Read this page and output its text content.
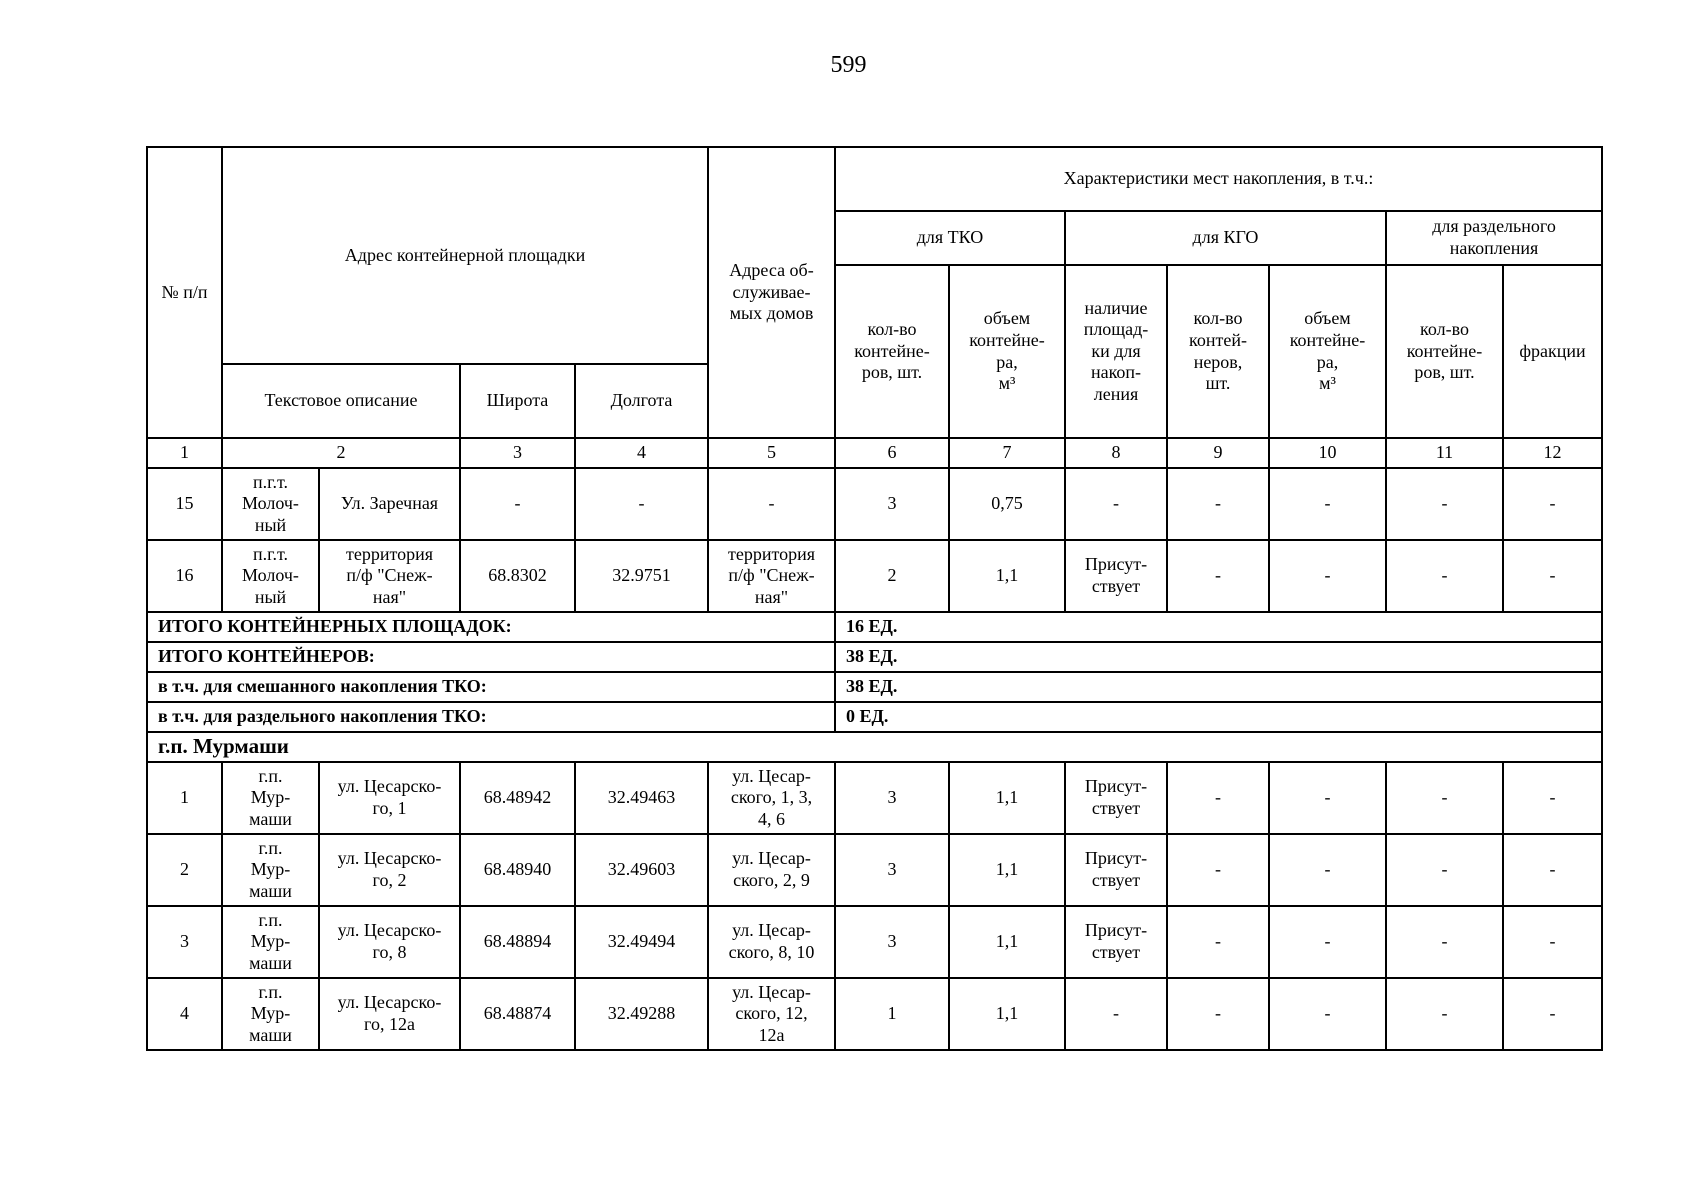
599
№ п/п	Адрес контейнерной площадки				Адреса об-
служивае-
мых домов	Характеристики мест накопления, в т.ч.:						

						для ТКО		для КГО			для раздельного
накопления	

						кол-во
контейне-
ров, шт.	объем
контейне-
ра,
м³	наличие
площад-
ки для
накоп-
ления	кол-во
контей-
неров,
шт.	объем
контейне-
ра,
м³	кол-во
контейне-
ров, шт.	фракции

	Текстовое описание		Широта	Долгота								

1	2		3	4	5	6	7	8	9	10	11	12

15	п.г.т.
Молоч-
ный	Ул. Заречная	-	-	-	3	0,75	-	-	-	-	-

16	п.г.т.
Молоч-
ный	территория
п/ф "Снеж-
ная"	68.8302	32.9751	территория
п/ф "Снеж-
ная"	2	1,1	Присут-
ствует	-	-	-	-

ИТОГО КОНТЕЙНЕРНЫХ ПЛОЩАДОК:						16 ЕД.						
ИТОГО КОНТЕЙНЕРОВ:						38 ЕД.						
в т.ч. для смешанного накопления ТКО:						38 ЕД.						
в т.ч. для раздельного накопления ТКО:						0 ЕД.						
г.п. Мурмаши												

1	г.п.
Мур-
маши	ул. Цесарско-
го, 1	68.48942	32.49463	ул. Цесар-
ского, 1, 3,
4, 6	3	1,1	Присут-
ствует	-	-	-	-

2	г.п.
Мур-
маши	ул. Цесарско-
го, 2	68.48940	32.49603	ул. Цесар-
ского, 2, 9	3	1,1	Присут-
ствует	-	-	-	-

3	г.п.
Мур-
маши	ул. Цесарско-
го, 8	68.48894	32.49494	ул. Цесар-
ского, 8, 10	3	1,1	Присут-
ствует	-	-	-	-

4	г.п.
Мур-
маши	ул. Цесарско-
го, 12а	68.48874	32.49288	ул. Цесар-
ского, 12,
12а	1	1,1	-	-	-	-	-
